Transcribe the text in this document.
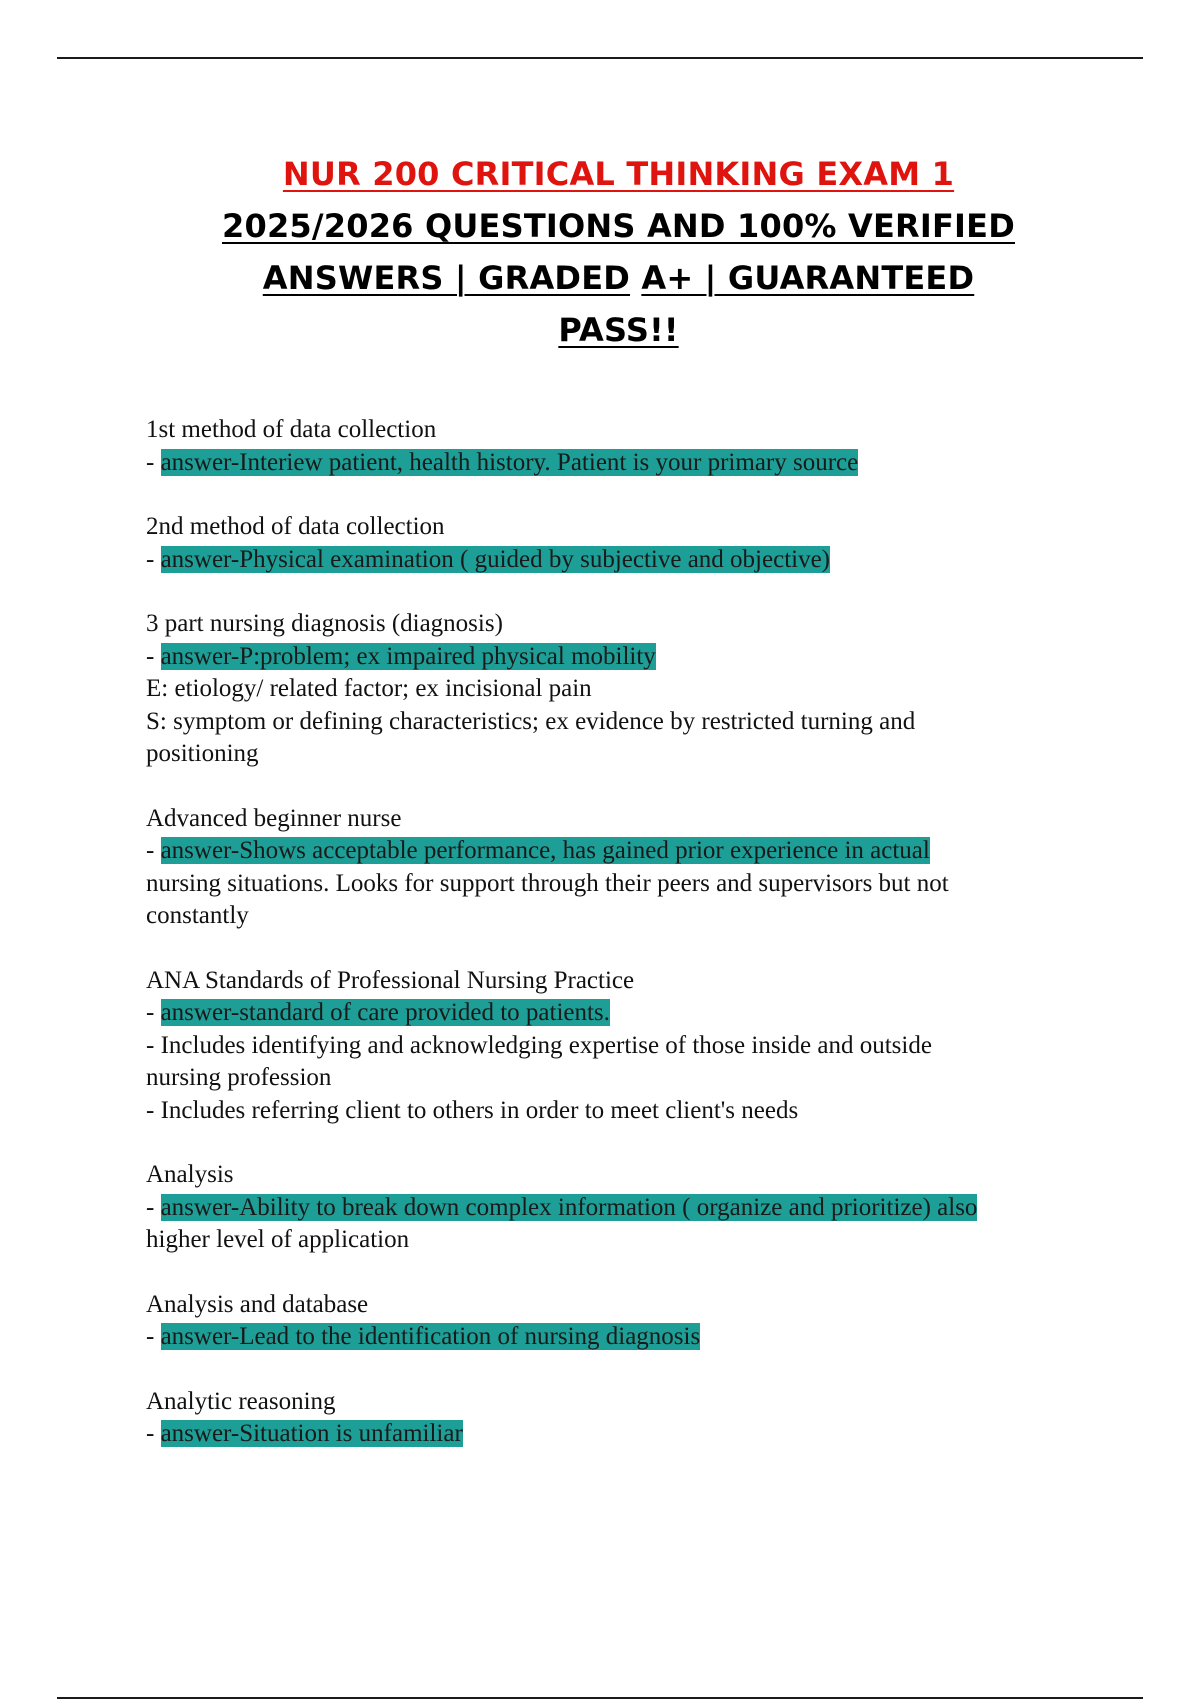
NUR 200 CRITICAL THINKING EXAM 1
2025/2026 QUESTIONS AND 100% VERIFIED
ANSWERS | GRADED A+ | GUARANTEED
PASS!!
1st method of data collection
- answer-Interiew patient, health history. Patient is your primary source
2nd method of data collection
- answer-Physical examination ( guided by subjective and objective)
3 part nursing diagnosis (diagnosis)
- answer-P:problem; ex impaired physical mobility
E: etiology/ related factor; ex incisional pain
S: symptom or defining characteristics; ex evidence by restricted turning and
positioning
Advanced beginner nurse
- answer-Shows acceptable performance, has gained prior experience in actual
nursing situations. Looks for support through their peers and supervisors but not
constantly
ANA Standards of Professional Nursing Practice
- answer-standard of care provided to patients.
- Includes identifying and acknowledging expertise of those inside and outside
nursing profession
- Includes referring client to others in order to meet client's needs
Analysis
- answer-Ability to break down complex information ( organize and prioritize) also
higher level of application
Analysis and database
- answer-Lead to the identification of nursing diagnosis
Analytic reasoning
- answer-Situation is unfamiliar
